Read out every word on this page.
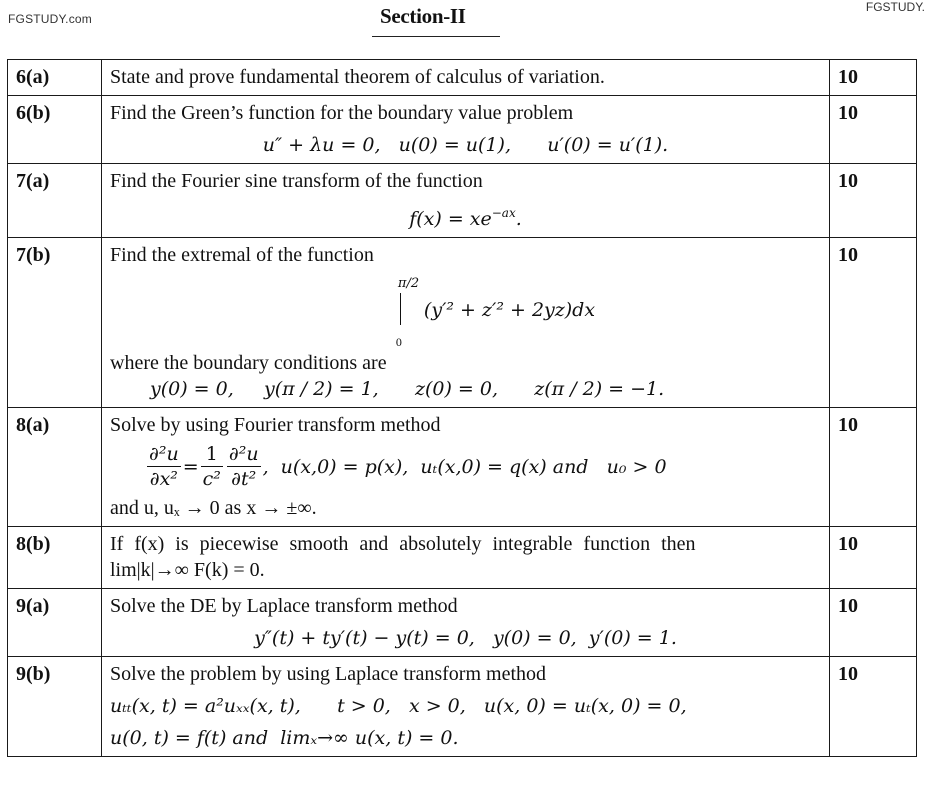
FGSTUDY.com
FGSTUDY.
Section-II
6(a)	State and prove fundamental theorem of calculus of variation.	10
6(b)	Find the Green’s function for the boundary value problem
u″ + λu = 0,   u(0) = u(1),      u′(0) = u′(1).	10
7(a)	Find the Fourier sine transform of the function
$f(x) = xe^{-ax}$.	10
7(b)	Find the extremal of the function
π/2
0
(y′² + z′² + 2yz)dx
where the boundary conditions are
y(0) = 0,     y(π / 2) = 1,      z(0) = 0,      z(π / 2) = −1.
	10
8(a)	Solve by using Fourier transform method
$\frac{\text{∂²u}}{\text{∂x²}} = \frac{1}{\text{c²}} \frac{\text{∂²u}}{\text{∂t²}}$ ,  u(x,0) = p(x),  uₜ(x,0) = q(x) and   u₀ > 0
and u, uₓ → 0 as x → ±∞.
	10
8(b)	If f(x) is piecewise smooth and absolutely integrable function then
lim|k|→∞ F(k) = 0.	10
9(a)	Solve the DE by Laplace transform method
y″(t) + ty′(t) − y(t) = 0,   y(0) = 0,  y′(0) = 1.	10
9(b)	Solve the problem by using Laplace transform method
uₜₜ(x, t) = a²uₓₓ(x, t),      t > 0,   x > 0,   u(x, 0) = uₜ(x, 0) = 0,
u(0, t) = f(t) and  limₓ→∞ u(x, t) = 0.	10
